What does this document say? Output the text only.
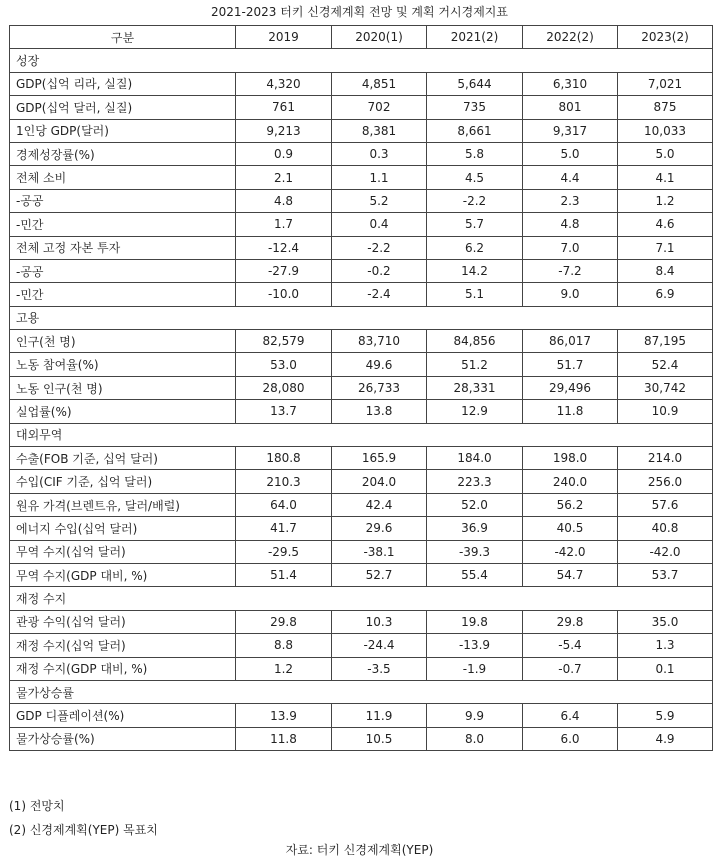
2021-2023 터키 신경제계획 전망 및 계획 거시경제지표
구분	2019	2020(1)	2021(2)	2022(2)	2023(2)
성장					
GDP(십억 리라, 실질)	4,320	4,851	5,644	6,310	7,021
GDP(십억 달러, 실질)	761	702	735	801	875
1인당 GDP(달러)	9,213	8,381	8,661	9,317	10,033
경제성장률(%)	0.9	0.3	5.8	5.0	5.0
전체 소비	2.1	1.1	4.5	4.4	4.1
-공공	4.8	5.2	-2.2	2.3	1.2
-민간	1.7	0.4	5.7	4.8	4.6
전체 고정 자본 투자	-12.4	-2.2	6.2	7.0	7.1
-공공	-27.9	-0.2	14.2	-7.2	8.4
-민간	-10.0	-2.4	5.1	9.0	6.9
고용					
인구(천 명)	82,579	83,710	84,856	86,017	87,195
노동 참여율(%)	53.0	49.6	51.2	51.7	52.4
노동 인구(천 명)	28,080	26,733	28,331	29,496	30,742
실업률(%)	13.7	13.8	12.9	11.8	10.9
대외무역					
수출(FOB 기준, 십억 달러)	180.8	165.9	184.0	198.0	214.0
수입(CIF 기준, 십억 달러)	210.3	204.0	223.3	240.0	256.0
원유 가격(브렌트유, 달러/배럴)	64.0	42.4	52.0	56.2	57.6
에너지 수입(십억 달러)	41.7	29.6	36.9	40.5	40.8
무역 수지(십억 달러)	-29.5	-38.1	-39.3	-42.0	-42.0
무역 수지(GDP 대비, %)	51.4	52.7	55.4	54.7	53.7
재정 수지					
관광 수익(십억 달러)	29.8	10.3	19.8	29.8	35.0
재정 수지(십억 달러)	8.8	-24.4	-13.9	-5.4	1.3
재정 수지(GDP 대비, %)	1.2	-3.5	-1.9	-0.7	0.1
물가상승률					
GDP 디플레이션(%)	13.9	11.9	9.9	6.4	5.9
물가상승률(%)	11.8	10.5	8.0	6.0	4.9
(1) 전망치
(2) 신경제계획(YEP) 목표치
자료: 터키 신경제계획(YEP)
